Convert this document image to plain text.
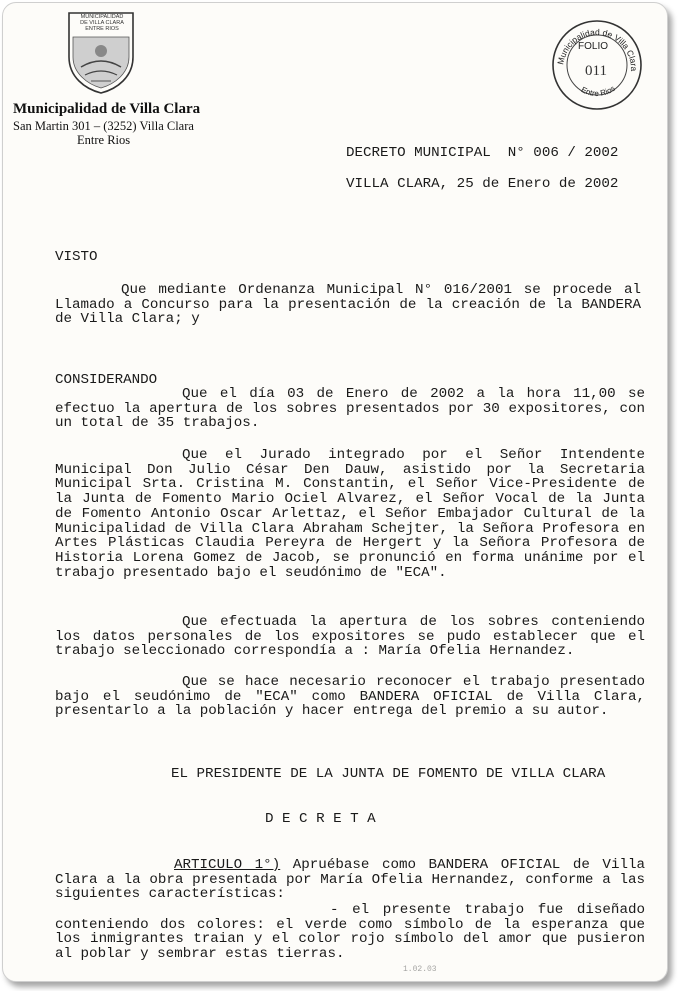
MUNICIPALIDAD
DE VILLA CLARA
ENTRE RIOS
Municipalidad de Villa Clara
San Martin 301 – (3252) Villa Clara
Entre Rios
Municipalidad de Villa Clara
Entre Rios
FOLIO
011
DECRETO MUNICIPAL  N° 006 / 2002
VILLA CLARA, 25 de Enero de 2002
VISTO
Que mediante Ordenanza Municipal N° 016/2001 se procede al Llamado a Concurso para la presentación de la creación de la BANDERA de Villa Clara; y
CONSIDERANDO
Que el día 03 de Enero de 2002 a la hora 11,00 se efectuo la apertura de los sobres presentados por 30 expositores, con un total de 35 trabajos.
Que el Jurado integrado por el Señor Intendente Municipal Don Julio César Den Dauw, asistido por la Secretaria Municipal Srta. Cristina M. Constantin, el Señor Vice-Presidente de la Junta de Fomento Mario Ociel Alvarez, el Señor Vocal de la Junta de Fomento Antonio Oscar Arlettaz, el Señor Embajador Cultural de la Municipalidad de Villa Clara Abraham Schejter, la Señora Profesora en Artes Plásticas Claudia Pereyra de Hergert y la Señora Profesora de Historia Lorena Gomez de Jacob, se pronunció en forma unánime por el trabajo presentado bajo el seudónimo de "ECA".
Que efectuada la apertura de los sobres conteniendo los datos personales de los expositores se pudo establecer que el trabajo seleccionado correspondía a : María Ofelia Hernandez.
Que se hace necesario reconocer el trabajo presentado bajo el seudónimo de "ECA" como BANDERA OFICIAL de Villa Clara, presentarlo a la población y hacer entrega del premio a su autor.
EL PRESIDENTE DE LA JUNTA DE FOMENTO DE VILLA CLARA
D E C R E T A
ARTICULO 1°) Apruébase como BANDERA OFICIAL de Villa Clara a la obra presentada por María Ofelia Hernandez, conforme a las siguientes características:
- el presente trabajo fue diseñado conteniendo dos colores: el verde como símbolo de la esperanza que los inmigrantes traian y el color rojo símbolo del amor que pusieron al poblar y sembrar estas tierras.
1.02.03
